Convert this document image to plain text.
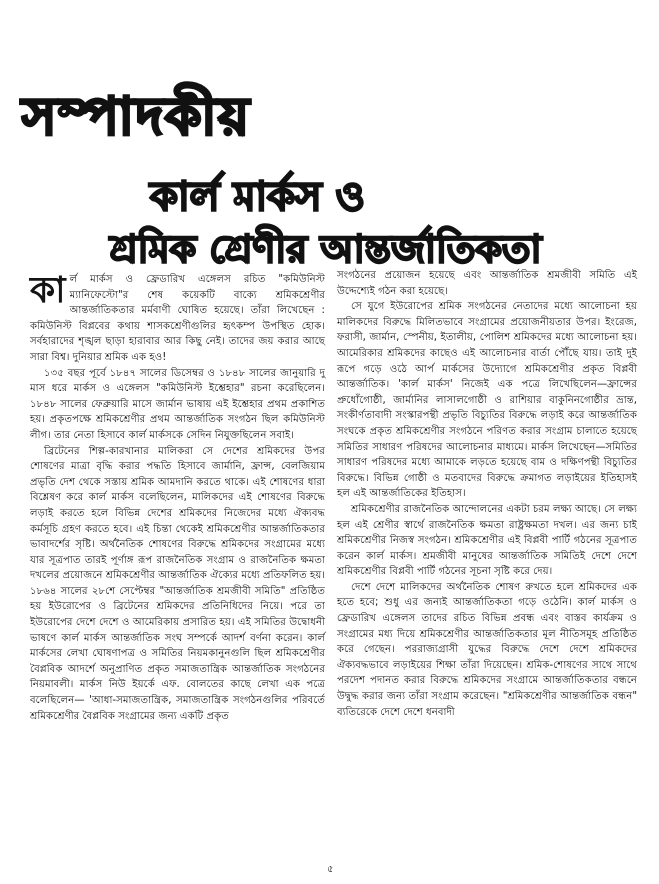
সম্পাদকীয়
কার্ল মার্কস ও
শ্রমিক শ্রেণীর আন্তর্জাতিকতা

কার্ল মার্কস ও ফ্রেডারিখ এঙ্গেলস রচিত "কমিউনিস্ট ম্যানিফেস্টো"র শেষ কয়েকটি বাক্যে শ্রমিকশ্রেণীর আন্তর্জাতিকতার মর্মবাণী ঘোষিত হয়েছে। তাঁরা লিখেছেন : কমিউনিস্ট বিপ্লবের কথায় শাসকশ্রেণীগুলির হৃৎকম্প উপস্থিত হোক। সর্বহারাদের শৃঙ্খল ছাড়া হারাবার আর কিছু নেই। তাদের জয় করার আছে সারা বিশ্ব। দুনিয়ার শ্রমিক এক হও!

১৩৫ বছর পূর্বে ১৮৪৭ সালের ডিসেম্বর ও ১৮৪৮ সালের জানুয়ারি দু মাস ধরে মার্কস ও এঙ্গেলস "কমিউনিস্ট ইশ্তেহার" রচনা করেছিলেন। ১৮৪৮ সালের ফেব্রুয়ারি মাসে জার্মান ভাষায় এই ইশ্তেহার প্রথম প্রকাশিত হয়। প্রকৃতপক্ষে শ্রমিকশ্রেণীর প্রথম আন্তর্জাতিক সংগঠন ছিল কমিউনিস্ট লীগ। তার নেতা হিসাবে কার্ল মার্কসকে সেদিন নিযুক্তছিলেন সবাই।

ব্রিটেনের শিল্প-কারখানার মালিকরা সে দেশের শ্রমিকদের উপর শোষণের মাত্রা বৃদ্ধি করার পদ্ধতি হিসাবে জার্মানি, ফ্রান্স, বেলজিয়াম প্রভৃতি দেশ থেকে সস্তায় শ্রমিক আমদানি করতে থাকে। এই শোষণের ধারা বিশ্লেষণ করে কার্ল মার্কস বলেছিলেন, মালিকদের এই শোষণের বিরুদ্ধে লড়াই করতে হলে বিভিন্ন দেশের শ্রমিকদের নিজেদের মধ্যে ঐক্যবদ্ধ কর্মসূচি গ্রহণ করতে হবে। এই চিন্তা থেকেই শ্রমিকশ্রেণীর আন্তর্জাতিকতার ভাবাদর্শের সৃষ্টি। অর্থনৈতিক শোষণের বিরুদ্ধে শ্রমিকদের সংগ্রামের মধ্যে যার সূত্রপাত তারই পূর্ণাঙ্গ রূপ রাজনৈতিক সংগ্রাম ও রাজনৈতিক ক্ষমতা দখলের প্রয়োজনে শ্রমিকশ্রেণীর আন্তর্জাতিক ঐক্যের মধ্যে প্রতিফলিত হয়। ১৮৬৪ সালের ২৮শে সেপ্টেম্বর "আন্তর্জাতিক শ্রমজীবী সমিতি" প্রতিষ্ঠিত হয় ইউরোপের ও ব্রিটেনের শ্রমিকদের প্রতিনিধিদের নিয়ে। পরে তা ইউরোপের দেশে দেশে ও আমেরিকায় প্রসারিত হয়। এই সমিতির উদ্বোধনী ভাষণে কার্ল মার্কস আন্তর্জাতিক সংঘ সম্পর্কে আদর্শ বর্ণনা করেন। কার্ল মার্কসের লেখা ঘোষণাপত্র ও সমিতির নিয়মকানুনগুলি ছিল শ্রমিকশ্রেণীর বৈপ্লবিক আদর্শে অনুপ্রাণিত প্রকৃত সমাজতান্ত্রিক আন্তর্জাতিক সংগঠনের নিয়মাবলী। মার্কস নিউ ইয়র্কে এফ. বোলতের কাছে লেখা এক পত্রে বলেছিলেন— 'আধা-সমাজতান্ত্রিক, সমাজতান্ত্রিক সংগঠনগুলির পরিবর্তে শ্রমিকশ্রেণীর বৈপ্লবিক সংগ্রামের জন্য একটি প্রকৃত

সংগঠনের প্রয়োজন হয়েছে এবং আন্তর্জাতিক শ্রমজীবী সমিতি এই উদ্দেশ্যেই গঠন করা হয়েছে।

সে যুগে ইউরোপের শ্রমিক সংগঠনের নেতাদের মধ্যে আলোচনা হয় মালিকদের বিরুদ্ধে মিলিতভাবে সংগ্রামের প্রয়োজনীয়তার উপর। ইংরেজ, ফরাসী, জার্মান, স্পেনীয়, ইতালীয়, পোলিশ শ্রমিকদের মধ্যে আলোচনা হয়। আমেরিকার শ্রমিকদের কাছেও এই আলোচনার বার্তা পৌঁছে যায়। তাই দুই রূপে গড়ে ওঠে আর্প মার্কসের উদ্যোগে শ্রমিকশ্রেণীর প্রকৃত বিপ্লবী আন্তর্জাতিক। 'কার্ল মার্কস' নিজেই এক পত্রে লিখেছিলেন—ফ্রান্সের প্রুধোঁগোষ্ঠী, জার্মানির লাসালগোষ্ঠী ও রাশিয়ার বাকুনিনগোষ্ঠীর ভ্রান্ত, সংকীর্ণতাবাদী সংস্কারপন্থী প্রভৃতি বিচ্যুতির বিরুদ্ধে লড়াই করে আন্তর্জাতিক সংঘকে প্রকৃত শ্রমিকশ্রেণীর সংগঠনে পরিণত করার সংগ্রাম চালাতে হয়েছে সমিতির সাধারণ পরিষদের আলোচনার মাধ্যমে। মার্কস লিখেছেন—সমিতির সাধারণ পরিষদের মধ্যে আমাকে লড়তে হয়েছে বাম ও দক্ষিণপন্থী বিচ্যুতির বিরুদ্ধে। বিভিন্ন গোষ্ঠী ও মতবাদের বিরুদ্ধে ক্রমাগত লড়াইয়ের ইতিহাসই হল এই আন্তর্জাতিকের ইতিহাস।

শ্রমিকশ্রেণীর রাজনৈতিক আন্দোলনের একটা চরম লক্ষ্য আছে। সে লক্ষ্য হল এই শ্রেণীর স্বার্থে রাজনৈতিক ক্ষমতা রাষ্ট্রক্ষমতা দখল। এর জন্য চাই শ্রমিকশ্রেণীর নিজস্ব সংগঠন। শ্রমিকশ্রেণীর এই বিপ্লবী পার্টি গঠনের সূত্রপাত করেন কার্ল মার্কস। শ্রমজীবী মানুষের আন্তর্জাতিক সমিতিই দেশে দেশে শ্রমিকশ্রেণীর বিপ্লবী পার্টি গঠনের সূচনা সৃষ্টি করে দেয়।

দেশে দেশে মালিকদের অর্থনৈতিক শোষণ রুখতে হলে শ্রমিকদের এক হতে হবে; শুধু এর জন্যই আন্তর্জাতিকতা গড়ে ওঠেনি। কার্ল মার্কস ও ফ্রেডারিখ এঙ্গেলস তাদের রচিত বিভিন্ন প্রবন্ধ এবং বাস্তব কার্যক্রম ও সংগ্রামের মধ্য দিয়ে শ্রমিকশ্রেণীর আন্তর্জাতিকতার মূল নীতিসমূহ প্রতিষ্ঠিত করে গেছেন। পররাজ্যগ্রাসী যুদ্ধের বিরুদ্ধে দেশে দেশে শ্রমিকদের ঐক্যবদ্ধভাবে লড়াইয়ের শিক্ষা তাঁরা দিয়েছেন। শ্রমিক-শোষণের সাথে সাথে পরদেশ পদানত করার বিরুদ্ধে শ্রমিকদের সংগ্রামে আন্তর্জাতিকতার বন্ধনে উদ্বুদ্ধ করার জন্য তাঁরা সংগ্রাম করেছেন। "শ্রমিকশ্রেণীর আন্তর্জাতিক বন্ধন" ব্যতিরেকে দেশে দেশে ধনবাদী

৫
